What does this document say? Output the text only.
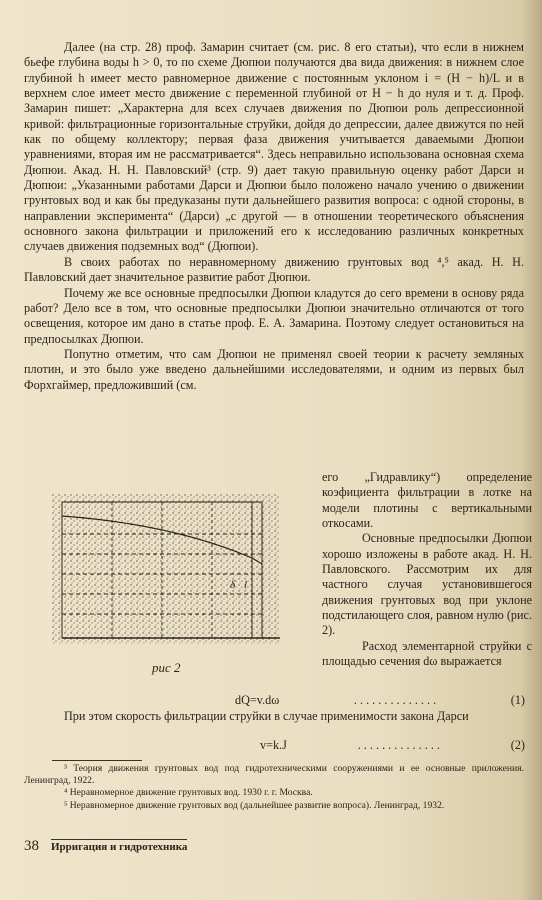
Далее (на стр. 28) проф. Замарин считает (см. рис. 8 его статьи), что если в нижнем бьефе глубина воды h > 0, то по схеме Дюпюи получаются два вида движения: в нижнем слое глубиной h имеет место равномерное движение с постоянным уклоном i = (H − h)/L и в верхнем слое имеет место движение с переменной глубиной от H − h до нуля и т. д. Проф. Замарин пишет: „Характерна для всех случаев движения по Дюпюи роль депрессионной кривой: фильтрационные горизонтальные струйки, дойдя до депрессии, далее движутся по ней как по общему коллектору; первая фаза движения учитывается даваемыми Дюпюи уравнениями, вторая им не рассматривается“. Здесь неправильно использована основная схема Дюпюи. Акад. Н. Н. Павловский³ (стр. 9) дает такую правильную оценку работ Дарси и Дюпюи: „Указанными работами Дарси и Дюпюи было положено начало учению о движении грунтовых вод и как бы предуказаны пути дальнейшего развития вопроса: с одной стороны, в направлении эксперимента“ (Дарси) „с другой — в отношении теоретического объяснения основного закона фильтрации и приложений его к исследованию различных конкретных случаев движения подземных вод“ (Дюпюи).

В своих работах по неравномерному движению грунтовых вод ⁴,⁵ акад. Н. Н. Павловский дает значительное развитие работ Дюпюи.

Почему же все основные предпосылки Дюпюи кладутся до сего времени в основу ряда работ? Дело все в том, что основные предпосылки Дюпюи значительно отличаются от того освещения, которое им дано в статье проф. Е. А. Замарина. Поэтому следует остановиться на предпосылках Дюпюи.

Попутно отметим, что сам Дюпюи не применял своей теории к расчету земляных плотин, и это было уже введено дальнейшими исследователями, и одним из первых был Форхгаймер, предложивший (см.

δ l
рис 2

его „Гидравлику“) определение коэфициента фильтрации в лотке на модели плотины с вертикальными откосами.

Основные предпосылки Дюпюи хорошо изложены в работе акад. Н. Н. Павловского. Рассмотрим их для частного случая установившегося движения грунтовых вод при уклоне подстилающего слоя, равном нулю (рис. 2).

Расход элементарной струйки с площадью сечения dω выражается

dQ=v.dω	. . . . . . . . . . . . . .	(1)

При этом скорость фильтрации струйки в случае применимости закона Дарси

v=k.J	. . . . . . . . . . . . . .	(2)

³ Теория движения грунтовых вод под гидротехническими сооружениями и ее основные приложения. Ленинград, 1922.

⁴ Неравномерное движение грунтовых вод. 1930 г. г. Москва.

⁵ Неравномерное движение грунтовых вод (дальнейшее развитие вопроса). Ленинград, 1932.

38 Ирригация и гидротехника
